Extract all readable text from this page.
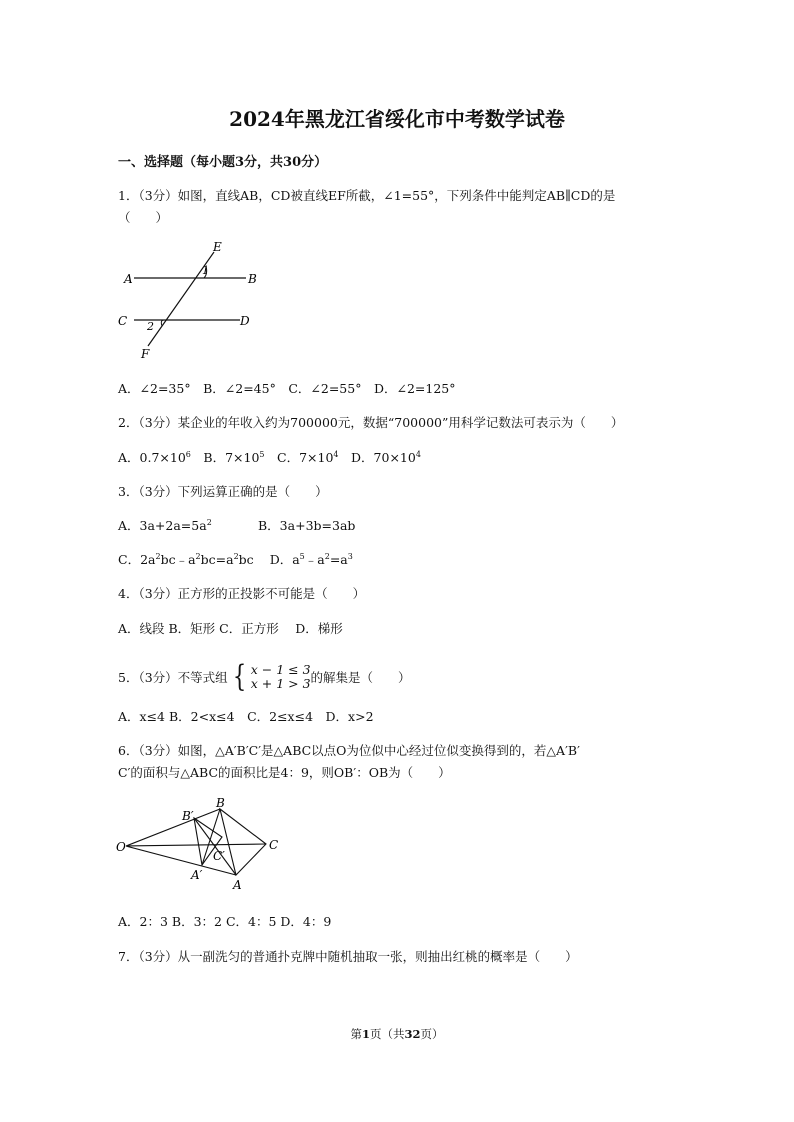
2024年黑龙江省绥化市中考数学试卷
一、选择题（每小题3分，共30分）
1．（3分）如图，直线AB，CD被直线EF所截，∠1=55°，下列条件中能判定AB∥CD的是
（　　）
E
A	B
C	D
F
1
2
A．∠2=35°　B．∠2=45°　C．∠2=55°　D．∠2=125°
2．（3分）某企业的年收入约为700000元，数据“700000”用科学记数法可表示为（　　）
A．$0.7\times 10^6$　B．$7\times 10^5$　C．$7\times 10^4$　D．$70\times 10^4$
3．（3分）下列运算正确的是（　　）
A．$3a+2a=5a^2$	B．3a+3b=3ab
C．$2a^2bc﹣a^2bc=a^2bc$ D．$a^5﹣a^2=a^3$
4．（3分）正方形的正投影不可能是（　　）
A．线段 B．矩形 C．正方形　 D．梯形
5．（3分）不等式组 { x − 1 ≤ 3
x + 1 > 3 的解集是（　　）
A．x≤4 B．2<x≤4　C．2≤x≤4　D．x>2
6．（3分）如图，△A′B′C′是△ABC以点O为位似中心经过位似变换得到的，若△A′B′
C′的面积与△ABC的面积比是4：9，则OB′：OB为（　　）
O
B
B′
C
C′
A′
A
A．2：3 B．3：2 C．4：5 D．4：9
7．（3分）从一副洗匀的普通扑克牌中随机抽取一张，则抽出红桃的概率是（　　）
第1页（共32页）
